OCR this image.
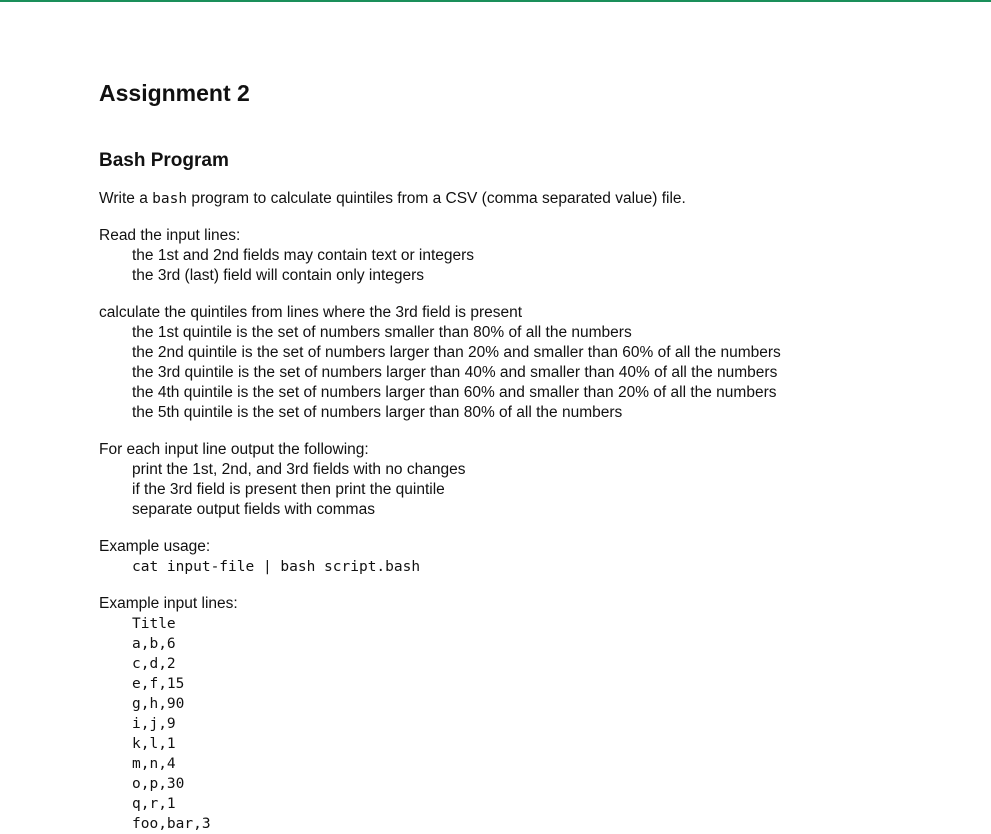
Assignment 2
Bash Program

Write a bash program to calculate quintiles from a CSV (comma separated value) file.

Read the input lines:

the 1st and 2nd fields may contain text or integers

the 3rd (last) field will contain only integers

calculate the quintiles from lines where the 3rd field is present

the 1st quintile is the set of numbers smaller than 80% of all the numbers

the 2nd quintile is the set of numbers larger than 20% and smaller than 60% of all the numbers

the 3rd quintile is the set of numbers larger than 40% and smaller than 40% of all the numbers

the 4th quintile is the set of numbers larger than 60% and smaller than 20% of all the numbers

the 5th quintile is the set of numbers larger than 80% of all the numbers

For each input line output the following:

print the 1st, 2nd, and 3rd fields with no changes

if the 3rd field is present then print the quintile

separate output fields with commas

Example usage:

cat input-file | bash script.bash

Example input lines:

Title
a,b,6
c,d,2
e,f,15
g,h,90
i,j,9
k,l,1
m,n,4
o,p,30
q,r,1
foo,bar,3
